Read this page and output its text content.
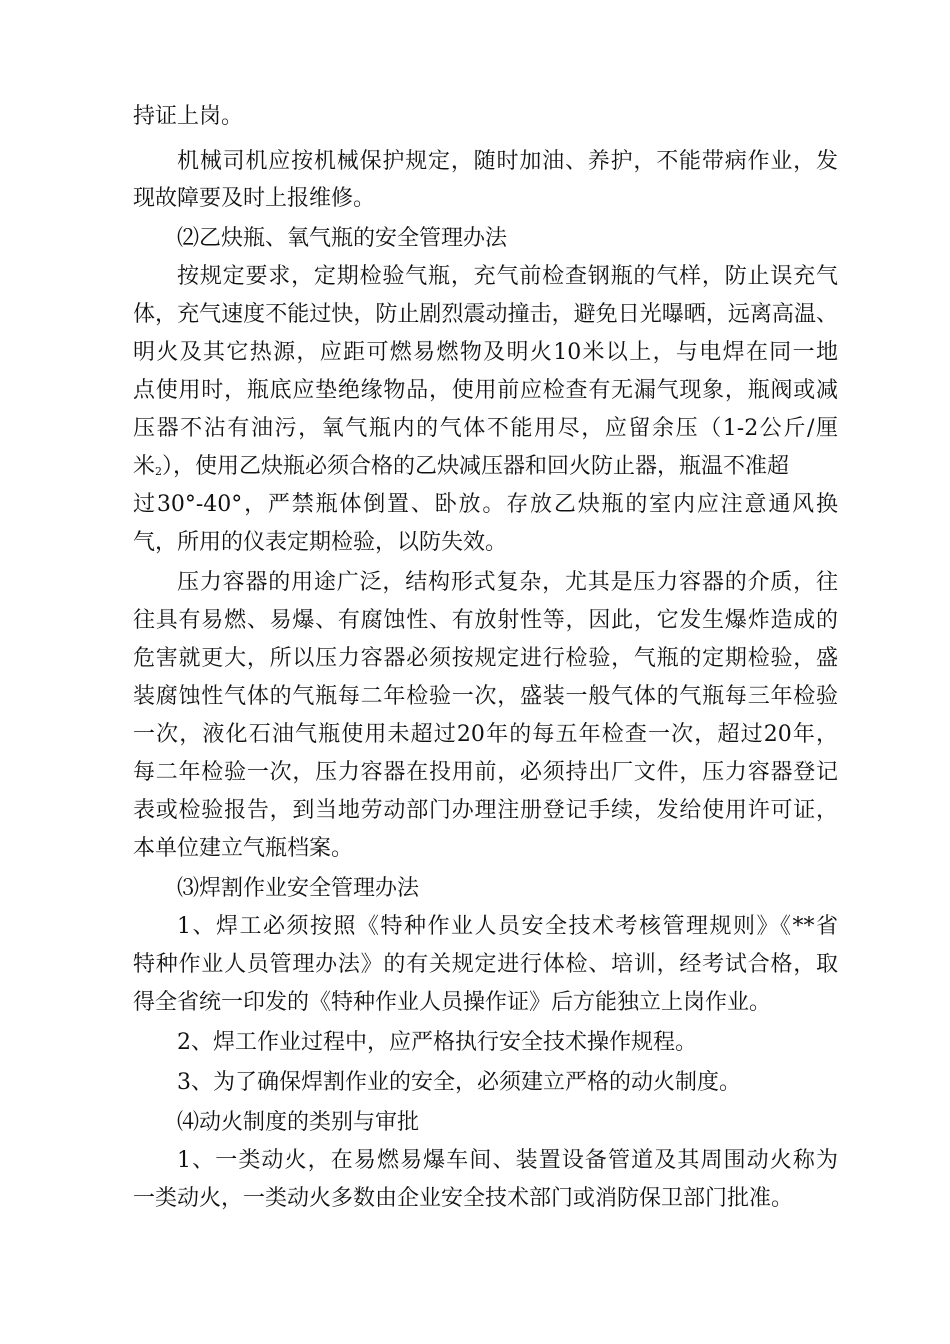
持证上岗。
机械司机应按机械保护规定，随时加油、养护，不能带病作业，发
现故障要及时上报维修。
⑵乙炔瓶、氧气瓶的安全管理办法
按规定要求，定期检验气瓶，充气前检查钢瓶的气样，防止误充气
体，充气速度不能过快，防止剧烈震动撞击，避免日光曝晒，远离高温、
明火及其它热源，应距可燃易燃物及明火10米以上，与电焊在同一地
点使用时，瓶底应垫绝缘物品，使用前应检查有无漏气现象，瓶阀或减
压器不沾有油污，氧气瓶内的气体不能用尽，应留余压（1-2公斤/厘
米2），使用乙炔瓶必须合格的乙炔减压器和回火防止器，瓶温不准超
过30°-40°，严禁瓶体倒置、卧放。存放乙炔瓶的室内应注意通风换
气，所用的仪表定期检验，以防失效。
压力容器的用途广泛，结构形式复杂，尤其是压力容器的介质，往
往具有易燃、易爆、有腐蚀性、有放射性等，因此，它发生爆炸造成的
危害就更大，所以压力容器必须按规定进行检验，气瓶的定期检验，盛
装腐蚀性气体的气瓶每二年检验一次，盛装一般气体的气瓶每三年检验
一次，液化石油气瓶使用未超过20年的每五年检查一次，超过20年，
每二年检验一次，压力容器在投用前，必须持出厂文件，压力容器登记
表或检验报告，到当地劳动部门办理注册登记手续，发给使用许可证，
本单位建立气瓶档案。
⑶焊割作业安全管理办法
1、焊工必须按照《特种作业人员安全技术考核管理规则》《**省
特种作业人员管理办法》的有关规定进行体检、培训，经考试合格，取
得全省统一印发的《特种作业人员操作证》后方能独立上岗作业。
2、焊工作业过程中，应严格执行安全技术操作规程。
3、为了确保焊割作业的安全，必须建立严格的动火制度。
⑷动火制度的类别与审批
1、一类动火，在易燃易爆车间、装置设备管道及其周围动火称为
一类动火，一类动火多数由企业安全技术部门或消防保卫部门批准。
